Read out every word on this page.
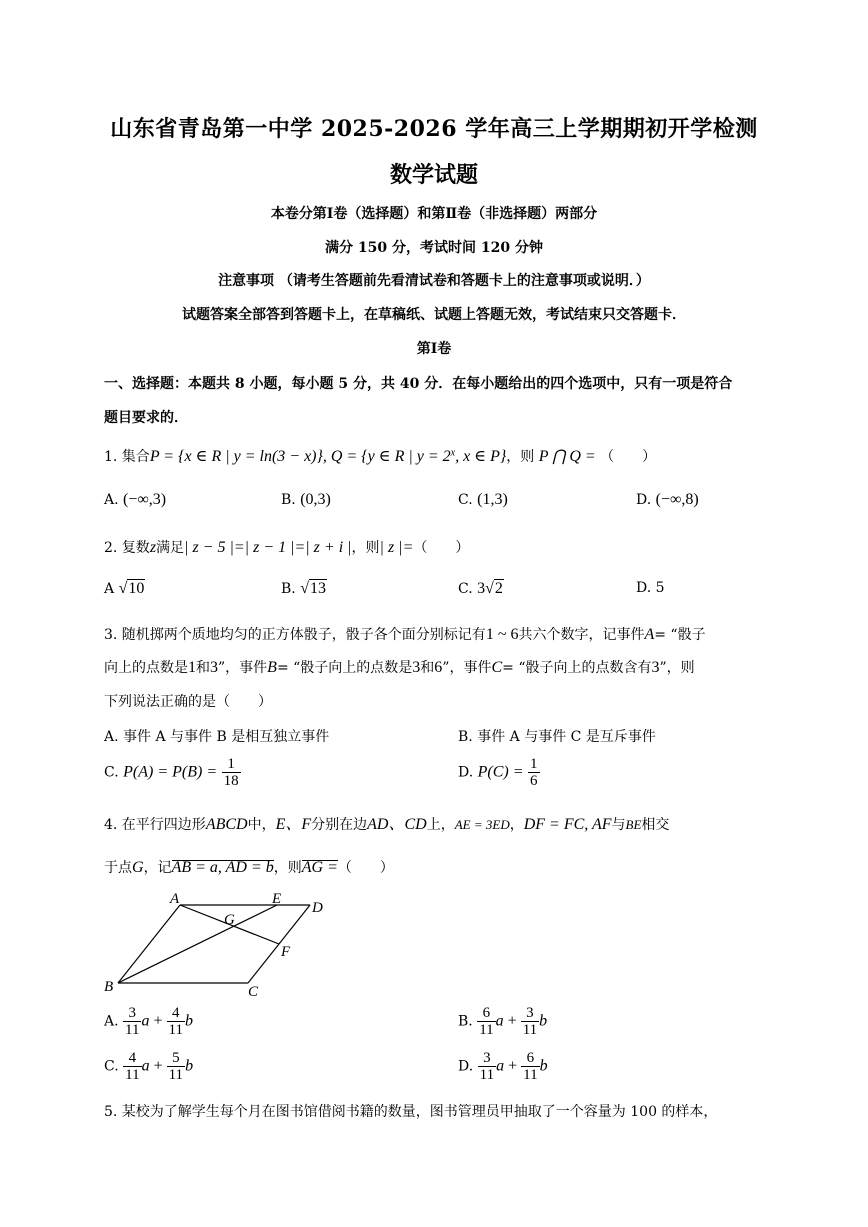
山东省青岛第一中学 2025-2026 学年高三上学期期初开学检测
数学试题
本卷分第Ⅰ卷（选择题）和第Ⅱ卷（非选择题）两部分
满分 150 分，考试时间 120 分钟
注意事项 （请考生答题前先看清试卷和答题卡上的注意事项或说明．）
试题答案全部答到答题卡上，在草稿纸、试题上答题无效，考试结束只交答题卡．
第Ⅰ卷
一、选择题：本题共 8 小题，每小题 5 分，共 40 分．在每小题给出的四个选项中，只有一项是符合
题目要求的．
1. 集合P = {x ∈ R | y = ln(3 − x)}, Q = {y ∈ R | $y = 2^x$, x ∈ P}，则 P ⋂ Q = （　　）
A. (−∞,3)	B. (0,3)	C. (1,3)	D. (−∞,8)
2. 复数z满足| z − 5 |=| z − 1 |=| z + i |，则| z |=（　　）
A √10	B. √13	C. 3√2	D. 5
3. 随机掷两个质地均匀的正方体骰子，骰子各个面分别标记有1 ~ 6共六个数字，记事件A= “骰子
向上的点数是1和3”，事件B= “骰子向上的点数是3和6”，事件C= “骰子向上的点数含有3”，则
下列说法正确的是（　　）
A. 事件 A 与事件 B 是相互独立事件	B. 事件 A 与事件 C 是互斥事件
C. $P(A) = P(B) = \frac{1}{18}$	D. $P(C) = \frac{1}{6}$
4. 在平行四边形ABCD中，E、F分别在边AD、CD上，AE = 3ED，DF = FC, AF与BE相交
于点G，记AB = a, AD = b，则AG =（　　）
A	E
D
G
F
B	C
A. $\frac{3}{11}$ $a + \frac{4}{11}$ b	B. $\frac{6}{11}$ $a + \frac{3}{11}$ b
C. $\frac{4}{11}$ $a + \frac{5}{11}$ b	D. $\frac{3}{11}$ $a + \frac{6}{11}$ b
5. 某校为了解学生每个月在图书馆借阅书籍的数量，图书管理员甲抽取了一个容量为 100 的样本，
